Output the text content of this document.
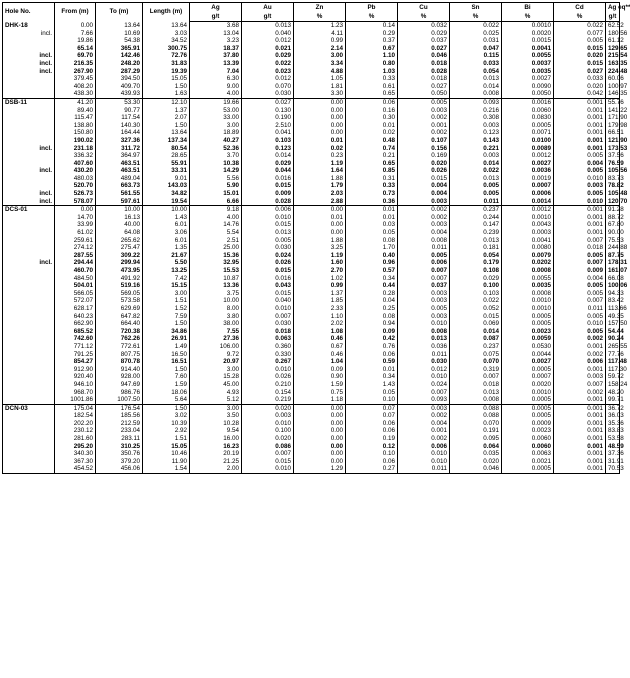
Hole No.	From (m)	To (m)	Length (m)	Ag	Au	Zn	Pb	Cu	Sn	Bi	Cd	Ag eq**
				g/t	g/t	%	%	%	%	%	%	g/t
DHK-18	0.00	13.64	13.64	3.68	0.013	1.23	0.14	0.032	0.022	0.0010	0.022	62.52

incl.	7.66	10.69	3.03	13.04	0.040	4.11	0.29	0.029	0.025	0.0020	0.077	180.56

	19.86	54.38	34.52	3.23	0.012	0.99	0.37	0.037	0.031	0.0015	0.005	61.12

	65.14	365.91	300.75	18.37	0.021	2.14	0.67	0.027	0.047	0.0041	0.015	129.65

incl.	69.70	142.46	72.76	37.80	0.029	3.00	1.10	0.046	0.115	0.0055	0.020	215.54

incl.	216.35	248.20	31.83	13.39	0.022	3.34	0.80	0.018	0.033	0.0037	0.015	163.35

incl.	267.90	287.29	19.39	7.04	0.023	4.88	1.03	0.028	0.054	0.0035	0.027	224.48

	379.45	394.50	15.05	6.30	0.012	1.05	0.33	0.018	0.013	0.0027	0.033	60.06

	408.20	409.70	1.50	9.00	0.070	1.81	0.61	0.027	0.014	0.0090	0.020	100.97

	438.30	439.93	1.63	4.00	0.030	3.30	0.65	0.050	0.008	0.0050	0.042	146.35
DSB-11	41.20	53.30	12.10	19.66	0.027	0.00	0.06	0.005	0.093	0.0016	0.001	55.76

	89.40	90.77	1.37	53.00	0.130	0.00	0.16	0.003	0.216	0.0060	0.001	141.22

	115.47	117.54	2.07	33.00	0.190	0.00	0.30	0.002	0.308	0.0830	0.001	171.90

	138.80	140.30	1.50	3.00	2.510	0.00	0.01	0.001	0.003	0.0005	0.001	179.98

	150.80	164.44	13.64	18.89	0.041	0.00	0.02	0.002	0.123	0.0071	0.001	66.51

	190.02	327.36	137.34	40.27	0.103	0.01	0.48	0.107	0.143	0.0100	0.001	121.90

incl.	231.18	311.72	80.54	52.36	0.123	0.02	0.74	0.156	0.221	0.0089	0.001	173.53

	336.32	364.97	28.65	3.70	0.014	0.23	0.21	0.169	0.003	0.0012	0.005	37.56

	407.60	463.51	55.91	10.38	0.029	1.19	0.65	0.020	0.014	0.0027	0.004	76.59

incl.	430.20	463.51	33.31	14.29	0.044	1.64	0.85	0.026	0.022	0.0036	0.005	105.56

	480.03	489.04	9.01	5.56	0.016	1.88	0.31	0.015	0.013	0.0019	0.010	83.73

	520.70	663.73	143.03	5.90	0.015	1.79	0.33	0.004	0.005	0.0007	0.003	78.82

incl.	526.73	561.55	34.82	15.01	0.009	2.03	0.73	0.004	0.005	0.0006	0.005	105.48

incl.	578.07	597.61	19.54	6.66	0.028	2.88	0.36	0.003	0.011	0.0014	0.010	120.70
DCS-01	0.00	10.00	10.00	9.18	0.006	0.00	0.01	0.002	0.237	0.0012	0.001	91.28

	14.70	16.13	1.43	4.00	0.010	0.01	0.01	0.002	0.244	0.0010	0.001	88.72

	33.99	40.00	6.01	14.76	0.015	0.00	0.03	0.003	0.147	0.0043	0.001	67.80

	61.02	64.08	3.06	5.54	0.013	0.00	0.05	0.004	0.239	0.0003	0.001	90.00

	259.61	265.62	6.01	2.51	0.005	1.88	0.08	0.008	0.013	0.0041	0.007	75.53

	274.12	275.47	1.35	25.00	0.030	3.25	1.70	0.011	0.181	0.0080	0.018	244.88

	287.55	309.22	21.67	15.36	0.024	1.19	0.40	0.005	0.054	0.0079	0.005	87.75

incl.	294.44	299.94	5.50	32.95	0.026	1.60	0.96	0.006	0.179	0.0202	0.007	178.31

	460.70	473.95	13.25	15.53	0.015	2.70	0.57	0.007	0.108	0.0008	0.009	161.07

	484.50	491.92	7.42	10.87	0.016	1.02	0.34	0.007	0.029	0.0055	0.004	66.08

	504.01	519.16	15.15	13.36	0.043	0.99	0.44	0.037	0.100	0.0035	0.005	100.06

	566.05	569.05	3.00	3.75	0.015	1.37	0.28	0.003	0.103	0.0008	0.005	94.33

	572.07	573.58	1.51	10.00	0.040	1.85	0.04	0.003	0.022	0.0010	0.007	83.42

	628.17	629.69	1.52	8.00	0.010	2.33	0.25	0.005	0.052	0.0010	0.011	113.66

	640.23	647.82	7.59	3.80	0.007	1.10	0.08	0.003	0.015	0.0005	0.005	49.35

	662.90	664.40	1.50	38.00	0.030	2.02	0.94	0.010	0.069	0.0005	0.010	157.50

	685.52	720.38	34.86	7.55	0.018	1.08	0.09	0.008	0.014	0.0023	0.005	54.44

	742.60	762.26	26.91	27.36	0.063	0.46	0.42	0.013	0.087	0.0059	0.002	90.24

	771.12	772.61	1.49	106.00	0.360	0.67	0.76	0.036	0.237	0.0530	0.001	265.55

	791.25	807.75	16.50	9.72	0.330	0.46	0.06	0.011	0.075	0.0044	0.002	77.76

	854.27	870.78	16.51	20.97	0.267	1.04	0.59	0.030	0.070	0.0027	0.006	117.48

	912.90	914.40	1.50	3.00	0.010	0.09	0.01	0.012	0.319	0.0005	0.001	117.30

	920.40	928.00	7.60	15.28	0.026	0.90	0.34	0.010	0.007	0.0007	0.003	59.72

	946.10	947.69	1.59	45.00	0.210	1.59	1.43	0.024	0.018	0.0020	0.007	158.24

	968.70	986.76	18.06	4.93	0.154	0.75	0.05	0.007	0.013	0.0010	0.002	48.20

	1001.86	1007.50	5.64	5.12	0.219	1.18	0.10	0.093	0.008	0.0005	0.001	99.71
DCN-03	175.04	176.54	1.50	3.00	0.020	0.00	0.07	0.003	0.088	0.0005	0.001	36.72

	182.54	185.56	3.02	3.50	0.003	0.00	0.07	0.002	0.088	0.0005	0.001	36.03

	202.20	212.59	10.39	10.28	0.010	0.00	0.06	0.004	0.070	0.0009	0.001	35.36

	230.12	233.04	2.92	9.54	0.100	0.00	0.06	0.001	0.191	0.0023	0.001	83.83

	281.60	283.11	1.51	16.00	0.020	0.00	0.19	0.002	0.095	0.0060	0.001	53.58

	295.20	310.25	15.05	16.23	0.086	0.00	0.12	0.006	0.064	0.0060	0.001	48.59

	340.30	350.76	10.46	20.19	0.007	0.00	0.10	0.010	0.035	0.0063	0.001	37.36

	367.30	379.20	11.90	21.25	0.015	0.00	0.06	0.010	0.020	0.0021	0.001	31.91

	454.52	456.06	1.54	2.00	0.010	1.29	0.27	0.011	0.046	0.0005	0.001	70.53
